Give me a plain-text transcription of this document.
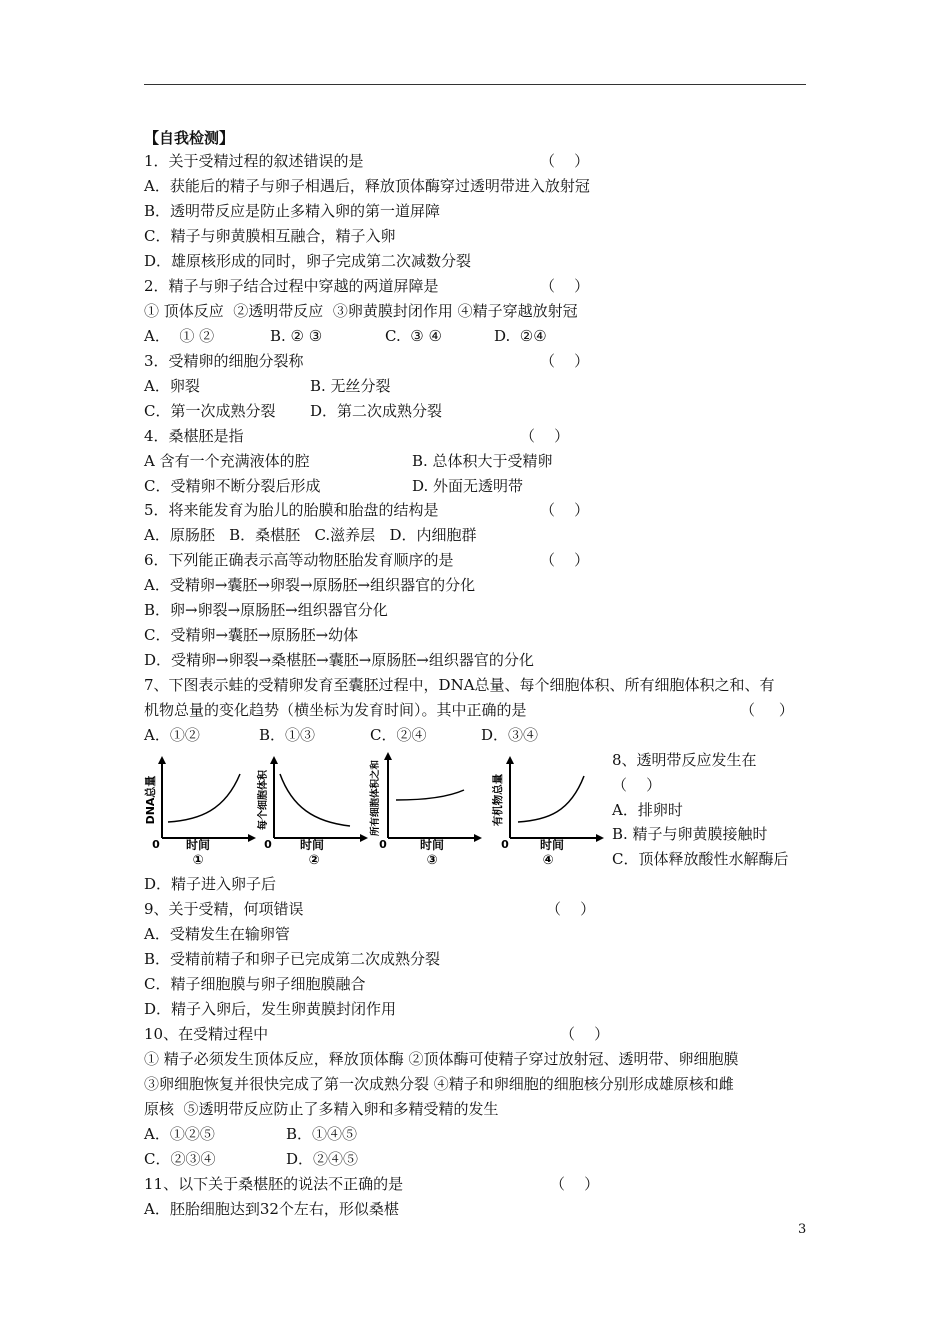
【自我检测】
1．关于受精过程的叙述错误的是	（    ）
A．获能后的精子与卵子相遇后，释放顶体酶穿过透明带进入放射冠
B．透明带反应是防止多精入卵的第一道屏障
C．精子与卵黄膜相互融合，精子入卵
D．雄原核形成的同时，卵子完成第二次减数分裂
2．精子与卵子结合过程中穿越的两道屏障是	（    ）
① 顶体反应  ②透明带反应  ③卵黄膜封闭作用 ④精子穿越放射冠
A．  ① ②	B. ② ③	C.  ③ ④	D.  ②④
3．受精卵的细胞分裂称	（    ）
A．卵裂	B. 无丝分裂
C．第一次成熟分裂 D．第二次成熟分裂
4．桑椹胚是指	（    ）
A 含有一个充满液体的腔	B. 总体积大于受精卵
C．受精卵不断分裂后形成	D. 外面无透明带
5．将来能发育为胎儿的胎膜和胎盘的结构是	（    ）
A．原肠胚   B．桑椹胚   C.滋养层   D．内细胞群
6．下列能正确表示高等动物胚胎发育顺序的是	（    ）
A．受精卵→囊胚→卵裂→原肠胚→组织器官的分化
B．卵→卵裂→原肠胚→组织器官分化
C．受精卵→囊胚→原肠胚→幼体
D．受精卵→卵裂→桑椹胚→囊胚→原肠胚→组织器官的分化
7、下图表示蛙的受精卵发育至囊胚过程中，DNA总量、每个细胞体积、所有细胞体积之和、有
机物总量的变化趋势（横坐标为发育时间）。其中正确的是	（     ）
A．①②	B．①③	C．②④	D．③④
DNA总量
0 时间
①
每个细胞体积
0 时间
②
所有细胞体积之和
0	时间
③
有机物总量
0	时间
④
8、透明带反应发生在
（    ）
A．排卵时
B. 精子与卵黄膜接触时
C．顶体释放酸性水解酶后
D．精子进入卵子后
9、关于受精，何项错误	（    ）
A．受精发生在输卵管
B．受精前精子和卵子已完成第二次成熟分裂
C．精子细胞膜与卵子细胞膜融合
D．精子入卵后，发生卵黄膜封闭作用
10、在受精过程中	（    ）
① 精子必须发生顶体反应，释放顶体酶 ②顶体酶可使精子穿过放射冠、透明带、卵细胞膜
③卵细胞恢复并很快完成了第一次成熟分裂 ④精子和卵细胞的细胞核分别形成雄原核和雌
原核  ⑤透明带反应防止了多精入卵和多精受精的发生
A．①②⑤	B．①④⑤
C．②③④	D．②④⑤
11、以下关于桑椹胚的说法不正确的是	（    ）
A．胚胎细胞达到32个左右，形似桑椹
3
